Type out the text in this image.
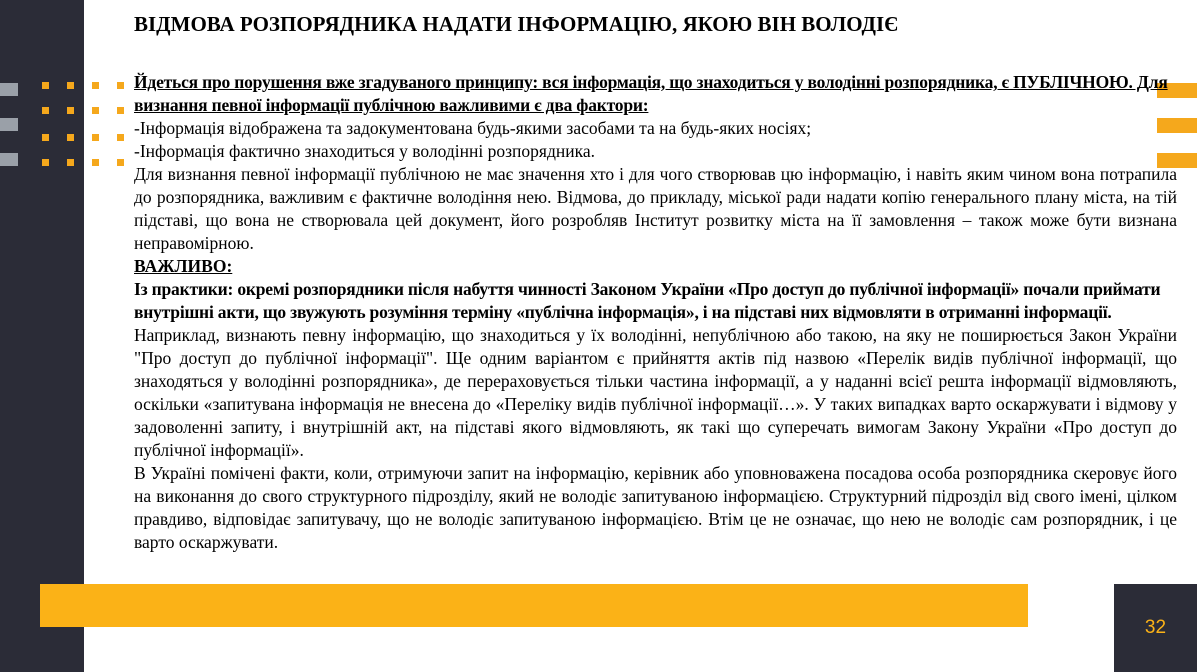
32
ВІДМОВА РОЗПОРЯДНИКА НАДАТИ ІНФОРМАЦІЮ, ЯКОЮ ВІН ВОЛОДІЄ

Йдеться про порушення вже згадуваного принципу: вся інформація, що знаходиться у володінні розпорядника, є ПУБЛІЧНОЮ. Для визнання певної інформації публічною важливими є два фактори:

-Інформація відображена та задокументована будь-якими засобами та на будь-яких носіях;

-Інформація фактично знаходиться у володінні розпорядника.

Для визнання певної інформації публічною не має значення хто і для чого створював цю інформацію, і навіть яким чином вона потрапила до розпорядника, важливим є фактичне володіння нею. Відмова, до прикладу, міської ради надати копію генерального плану міста, на тій підставі, що вона не створювала цей документ, його розробляв Інститут розвитку міста на її замовлення – також може бути визнана неправомірною.

ВАЖЛИВО:

Із практики: окремі розпорядники після набуття чинності Законом України «Про доступ до публічної інформації» почали приймати внутрішні акти, що звужують розуміння терміну «публічна інформація», і на підставі них відмовляти в отриманні інформації.

Наприклад, визнають певну інформацію, що знаходиться у їх володінні, непублічною або такою, на яку не поширюється Закон України "Про доступ до публічної інформації". Ще одним варіантом є прийняття актів під назвою «Перелік видів публічної інформації, що знаходяться у володінні розпорядника», де перераховується тільки частина інформації, а у наданні всієї решта інформації відмовляють, оскільки «запитувана інформація не внесена до «Переліку видів публічної інформації…». У таких випадках варто оскаржувати і відмову у задоволенні запиту, і внутрішній акт, на підставі якого відмовляють, як такі що суперечать вимогам Закону України «Про доступ до публічної інформації».

В Україні помічені факти, коли, отримуючи запит на інформацію, керівник або уповноважена посадова особа розпорядника скеровує його на виконання до свого структурного підрозділу, який не володіє запитуваною інформацією. Структурний підрозділ від свого імені, цілком правдиво, відповідає запитувачу, що не володіє запитуваною інформацією. Втім це не означає, що нею не володіє сам розпорядник, і це варто оскаржувати.
